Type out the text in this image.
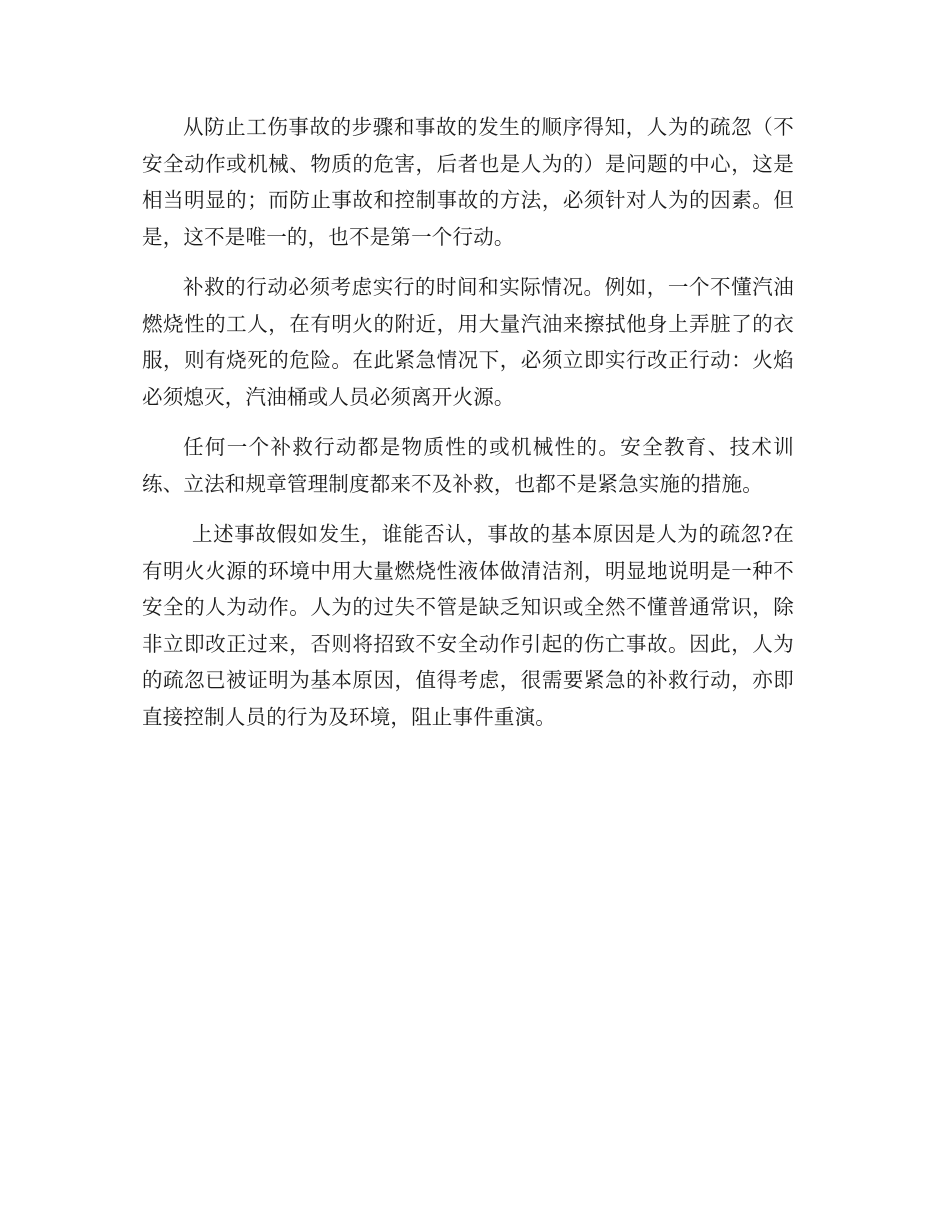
从防止工伤事故的步骤和事故的发生的顺序得知，人为的疏忽（不安全动作或机械、物质的危害，后者也是人为的）是问题的中心，这是相当明显的；而防止事故和控制事故的方法，必须针对人为的因素。但是，这不是唯一的，也不是第一个行动。

补救的行动必须考虑实行的时间和实际情况。例如，一个不懂汽油燃烧性的工人，在有明火的附近，用大量汽油来擦拭他身上弄脏了的衣服，则有烧死的危险。在此紧急情况下，必须立即实行改正行动：火焰必须熄灭，汽油桶或人员必须离开火源。

任何一个补救行动都是物质性的或机械性的。安全教育、技术训练、立法和规章管理制度都来不及补救，也都不是紧急实施的措施。

上述事故假如发生，谁能否认，事故的基本原因是人为的疏忽?在有明火火源的环境中用大量燃烧性液体做清洁剂，明显地说明是一种不安全的人为动作。人为的过失不管是缺乏知识或全然不懂普通常识，除非立即改正过来，否则将招致不安全动作引起的伤亡事故。因此，人为的疏忽已被证明为基本原因，值得考虑，很需要紧急的补救行动，亦即直接控制人员的行为及环境，阻止事件重演。
